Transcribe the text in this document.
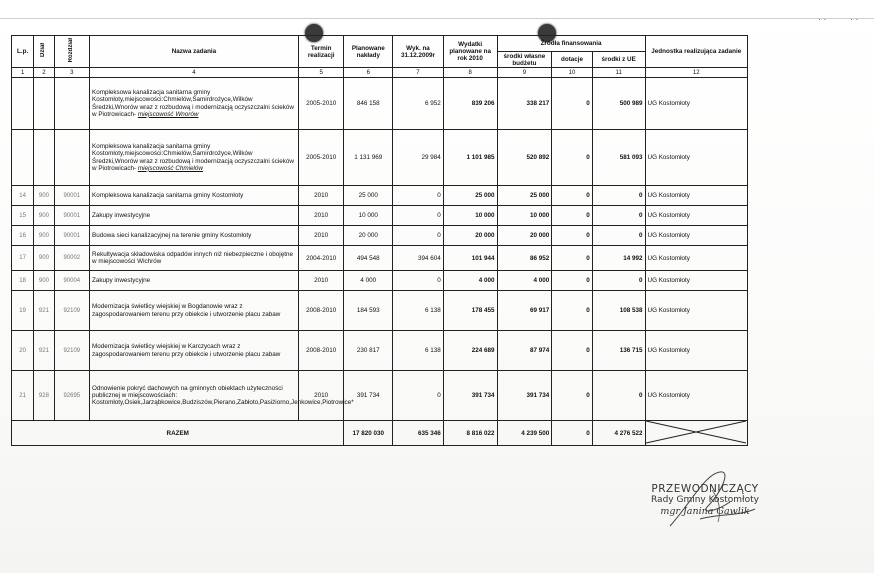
· ·	· ·
L.p.	Dział	Rozdział	Nazwa zadania	Termin realizacji	Planowane nakłady	Wyk. na 31.12.2009r	Wydatki planowane na rok 2010	Źródła finansowania			Jednostka realizująca zadanie
								środki własne budżetu	dotacje	środki z UE	
1	2	3	4	5	6	7	8	9	10	11	12
			Kompleksowa kanalizacja sanitarna gminy Kostomłoty,miejscowości:Chmielów,Samirdrożyce,Wilków Średzki,Wnorów wraz z rozbudową i modernizacją oczyszczalni ścieków w Piotrowicach- miejscowość Wnorów	2005-2010	846 158	6 952	839 206	338 217	0	500 989	UG Kostomłoty
			Kompleksowa kanalizacja sanitarna gminy Kostomłoty,miejscowości:Chmielów,Samirdrożyce,Wilków Średzki,Wnorów wraz z rozbudową i modernizacją oczyszczalni ścieków w Piotrowicach- miejscowość Chmielów	2005-2010	1 131 969	29 984	1 101 985	520 892	0	581 093	UG Kostomłoty
14	900	90001	Kompleksowa kanalizacja sanitarna gminy Kostomłoty	2010	25 000	0	25 000	25 000	0	0	UG Kostomłoty
15	900	90001	Zakupy inwestycyjne	2010	10 000	0	10 000	10 000	0	0	UG Kostomłoty
16	900	90001	Budowa sieci kanalizacyjnej na terenie gminy Kostomłoty	2010	20 000	0	20 000	20 000	0	0	UG Kostomłoty
17	900	90002	Rekultywacja składowiska odpadów innych niż niebezpieczne i obojętne w miejscowości Wichrów	2004-2010	494 548	394 604	101 944	86 952	0	14 992	UG Kostomłoty
18	900	90004	Zakupy inwestycyjne	2010	4 000	0	4 000	4 000	0	0	UG Kostomłoty
19	921	92109	Modernizacja świetlicy wiejskiej w Bogdanowie wraz z zagospodarowaniem terenu przy obiekcie i utworzenie placu zabaw	2008-2010	184 593	6 138	178 455	69 917	0	108 538	UG Kostomłoty
20	921	92109	Modernizacja świetlicy wiejskiej w Karczycach wraz z zagospodarowaniem terenu przy obiekcie i utworzenie placu zabaw	2008-2010	230 817	6 138	224 689	87 974	0	136 715	UG Kostomłoty
21	928	92695	Odnowienie pokryć dachowych na gminnych obiektach użyteczności publicznej w miejscowościach: Kostomłoty,Osiek,Jarząbkowice,Budziszów,Pierano,Zabłoto,Pasiżiorno,Jenkowice,Piotrowice*	2010	391 734	0	391 734	391 734	0	0	UG Kostomłoty
RAZEM					17 820 030	635 346	8 816 022	4 239 500	0	4 276 522	
PRZEWODNICZĄCY
Rady Gminy Kostomłoty
mgr Janina Gawlik
